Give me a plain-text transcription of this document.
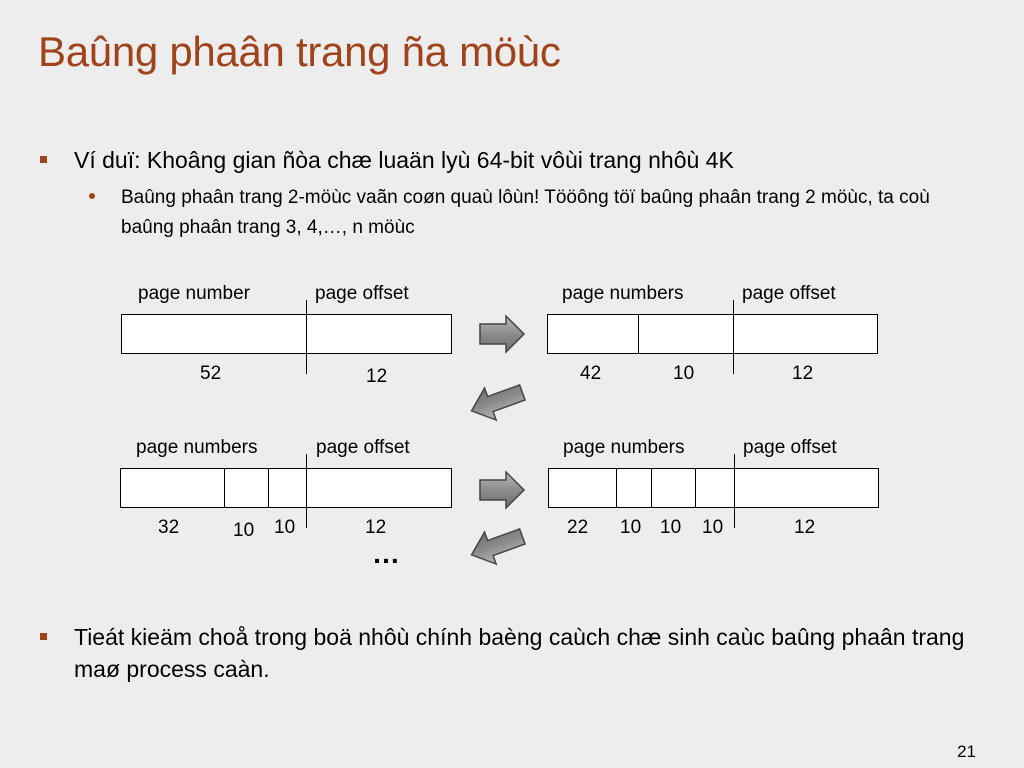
Baûng phaân trang ña möùc
Ví duï: Khoâng gian ñòa chæ luaän lyù 64-bit vôùi trang nhôù 4K
Baûng phaân trang 2-möùc vaãn coøn quaù lôùn! Tööông töï baûng phaân trang 2 möùc, ta coù baûng phaân trang 3, 4,…, n möùc
page number	page offset
52	12
page numbers	page offset
42	10	12
page numbers	page offset
32	10 10	12
page numbers	page offset
22 10 10 10	12
…
Tieát kieäm choå trong boä nhôù chính baèng caùch chæ sinh caùc baûng phaân trang maø process caàn.
21
